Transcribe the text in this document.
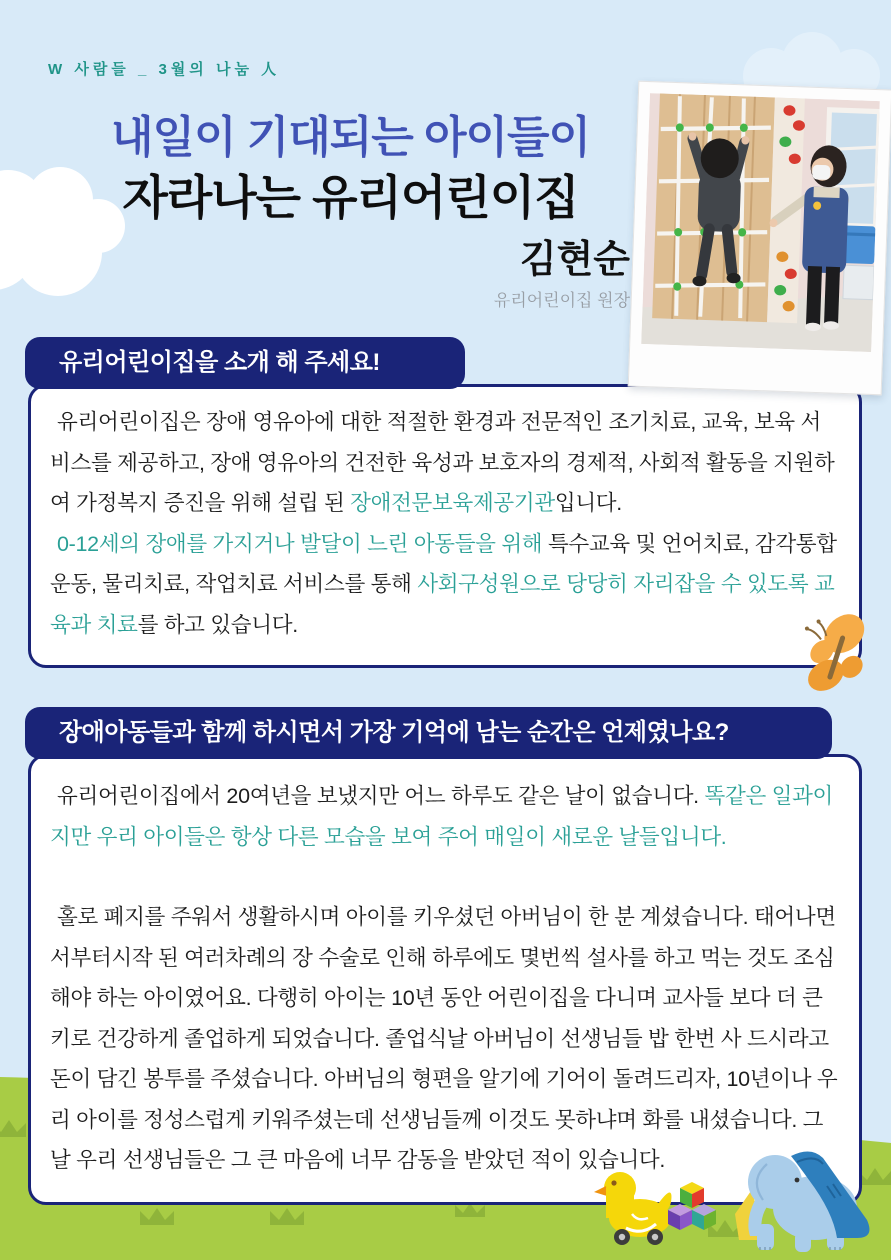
W 사람들 _ 3월의 나눔 人
내일이 기대되는 아이들이
자라나는 유리어린이집
김현순
유리어린이집 원장
유리어린이집을 소개 해 주세요!

유리어린이집은 장애 영유아에 대한 적절한 환경과 전문적인 조기치료, 교육, 보육 서비스를 제공하고, 장애 영유아의 건전한 육성과 보호자의 경제적, 사회적 활동을 지원하여 가정복지 증진을 위해 설립 된 장애전문보육제공기관입니다.

0-12세의 장애를 가지거나 발달이 느린 아동들을 위해 특수교육 및 언어치료, 감각통합운동, 물리치료, 작업치료 서비스를 통해 사회구성원으로 당당히 자리잡을 수 있도록 교육과 치료를 하고 있습니다.

장애아동들과 함께 하시면서 가장 기억에 남는 순간은 언제였나요?

유리어린이집에서 20여년을 보냈지만 어느 하루도 같은 날이 없습니다. 똑같은 일과이지만 우리 아이들은 항상 다른 모습을 보여 주어 매일이 새로운 날들입니다.

홀로 폐지를 주워서 생활하시며 아이를 키우셨던 아버님이 한 분 계셨습니다. 태어나면서부터시작 된 여러차례의 장 수술로 인해 하루에도 몇번씩 설사를 하고 먹는 것도 조심해야 하는 아이였어요. 다행히 아이는 10년 동안 어린이집을 다니며 교사들 보다 더 큰 키로 건강하게 졸업하게 되었습니다. 졸업식날 아버님이 선생님들 밥 한번 사 드시라고 돈이 담긴 봉투를 주셨습니다. 아버님의 형편을 알기에 기어이 돌려드리자, 10년이나 우리 아이를 정성스럽게 키워주셨는데 선생님들께 이것도 못하냐며 화를 내셨습니다. 그날 우리 선생님들은 그 큰 마음에 너무 감동을 받았던 적이 있습니다.
